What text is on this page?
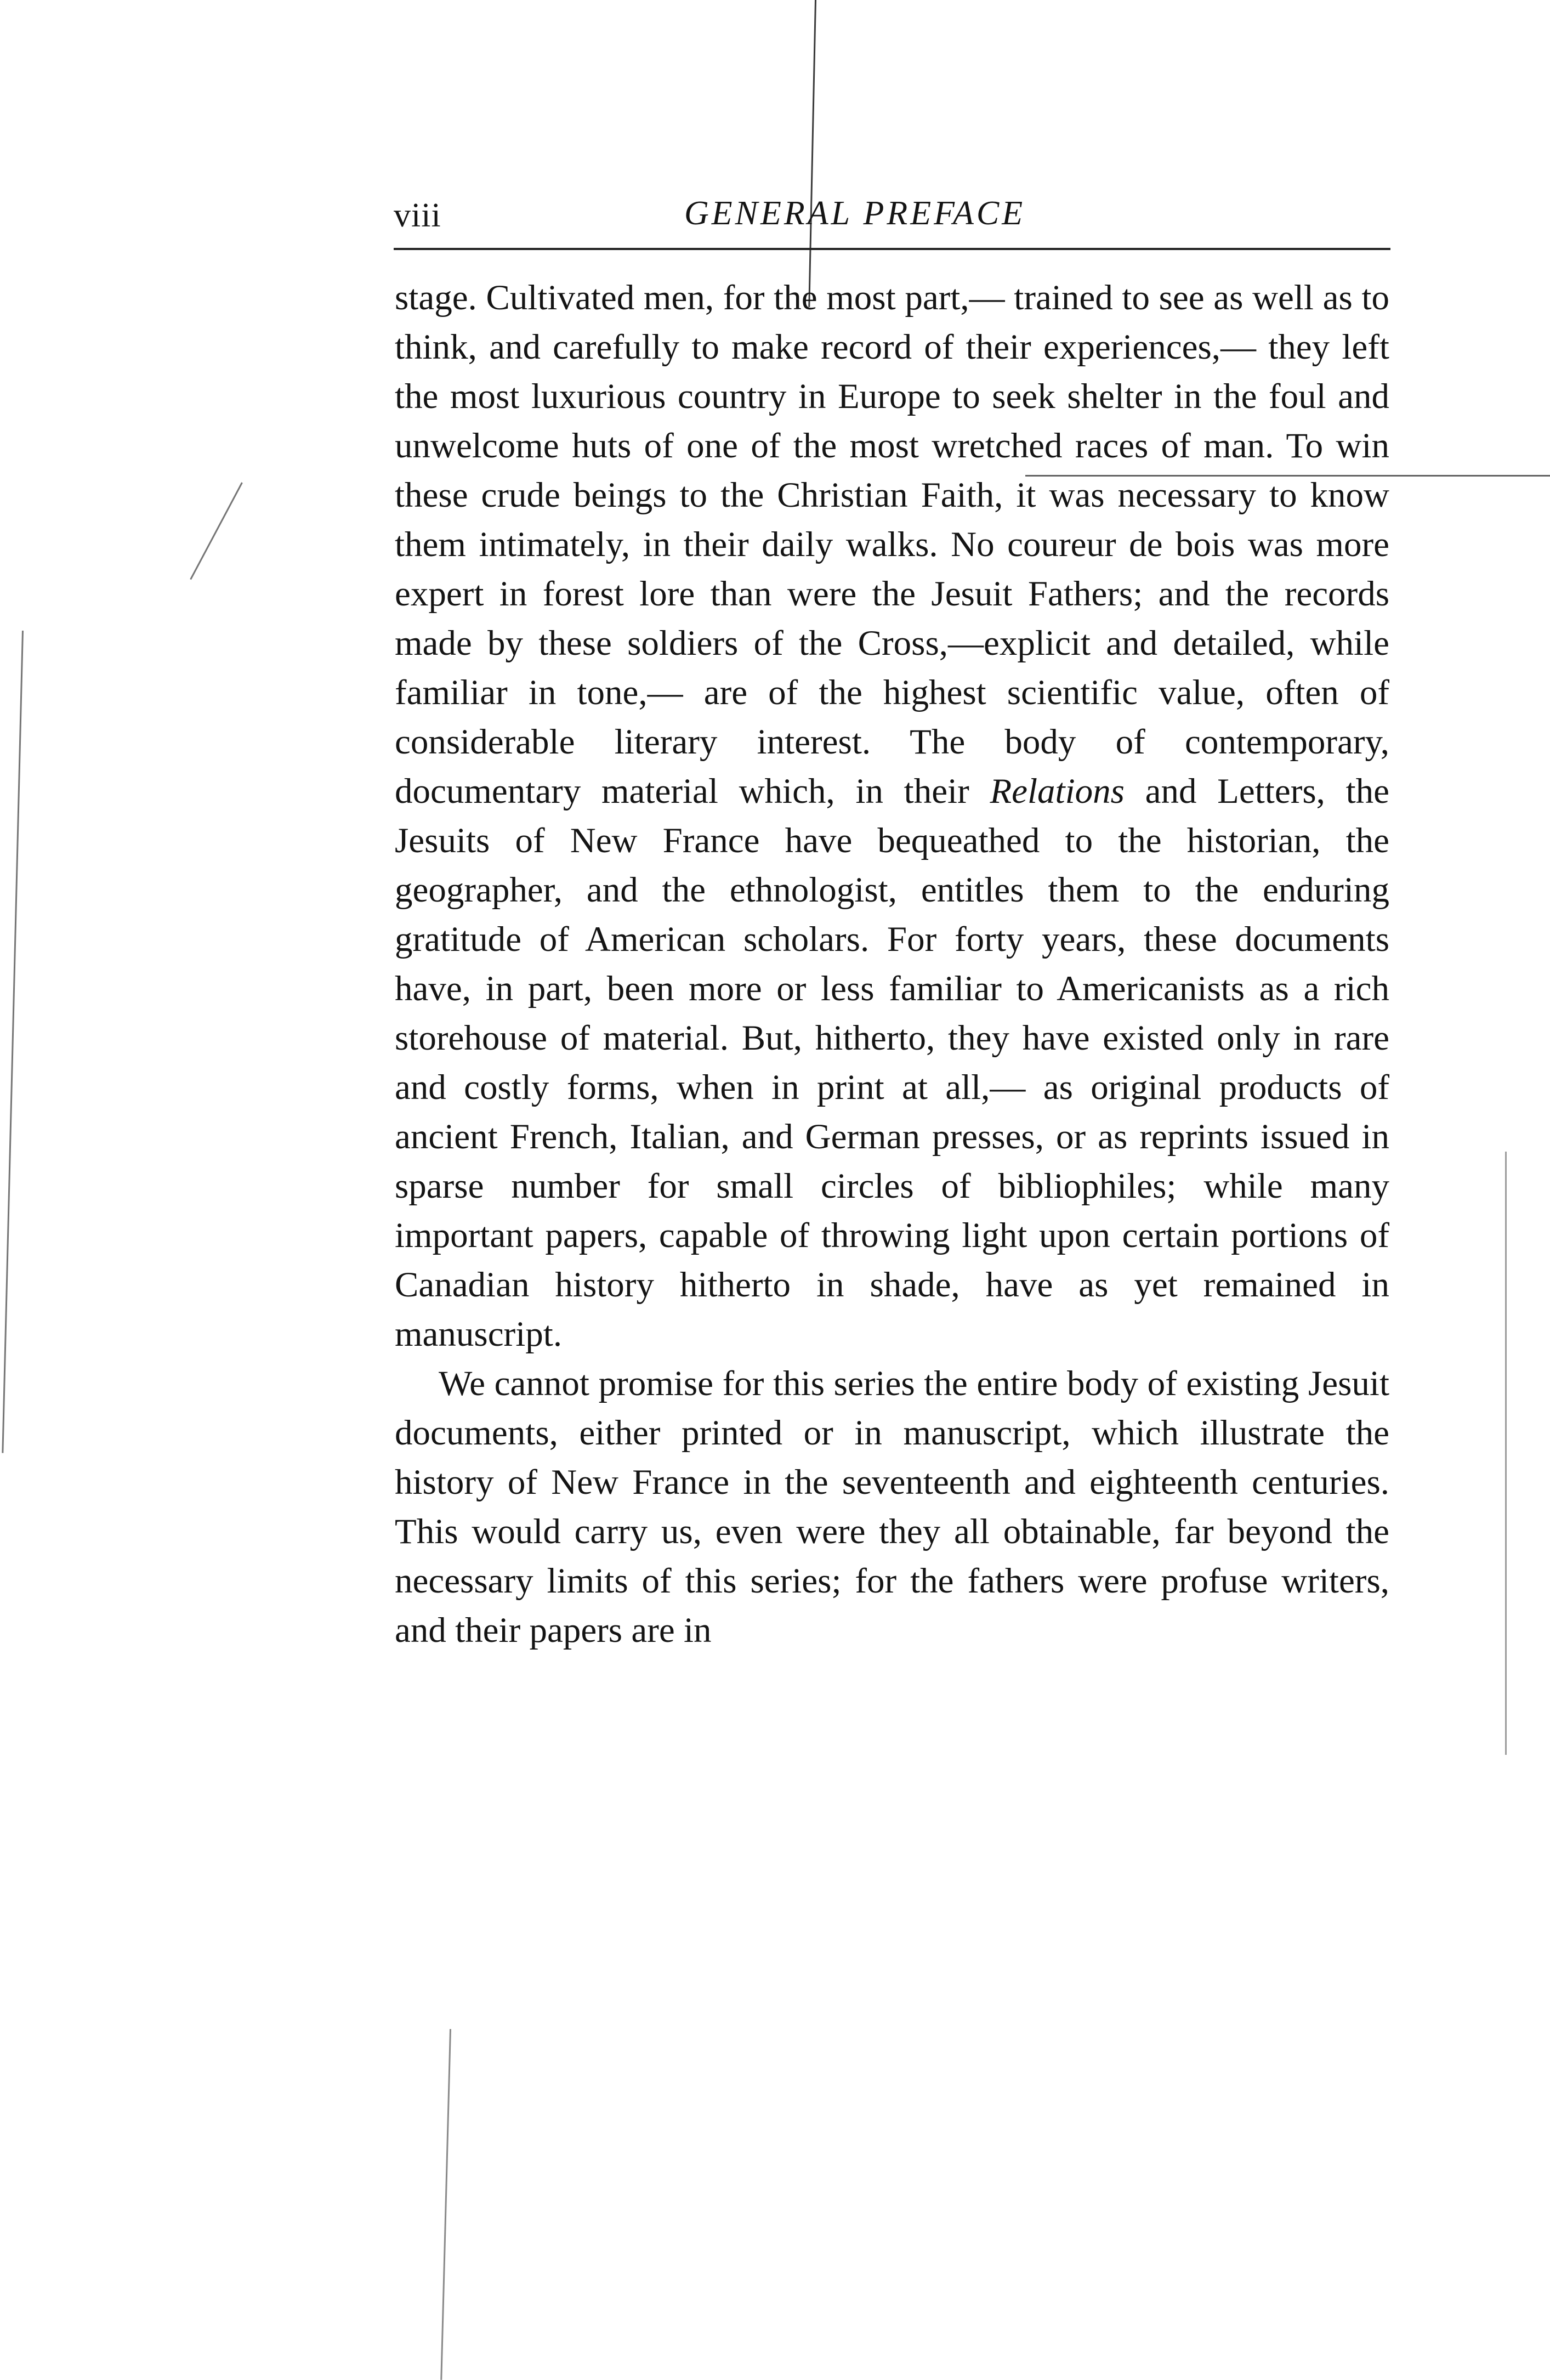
viii	GENERAL PREFACE

stage. Cultivated men, for the most part,— trained to see as well as to think, and carefully to make record of their experiences,— they left the most luxurious country in Europe to seek shelter in the foul and unwelcome huts of one of the most wretched races of man. To win these crude beings to the Christian Faith, it was necessary to know them intimately, in their daily walks. No coureur de bois was more expert in forest lore than were the Jesuit Fathers; and the records made by these soldiers of the Cross,—explicit and detailed, while familiar in tone,— are of the highest scientific value, often of considerable literary interest. The body of contemporary, documentary material which, in their Relations and Letters, the Jesuits of New France have bequeathed to the historian, the geographer, and the ethnologist, entitles them to the enduring gratitude of American scholars. For forty years, these documents have, in part, been more or less familiar to Americanists as a rich storehouse of material. But, hitherto, they have existed only in rare and costly forms, when in print at all,— as original products of ancient French, Italian, and German presses, or as reprints issued in sparse number for small circles of bibliophiles; while many important papers, capable of throwing light upon certain portions of Canadian history hitherto in shade, have as yet remained in manuscript.

We cannot promise for this series the entire body of existing Jesuit documents, either printed or in manuscript, which illustrate the history of New France in the seventeenth and eighteenth centuries. This would carry us, even were they all obtainable, far beyond the necessary limits of this series; for the fathers were profuse writers, and their papers are in
